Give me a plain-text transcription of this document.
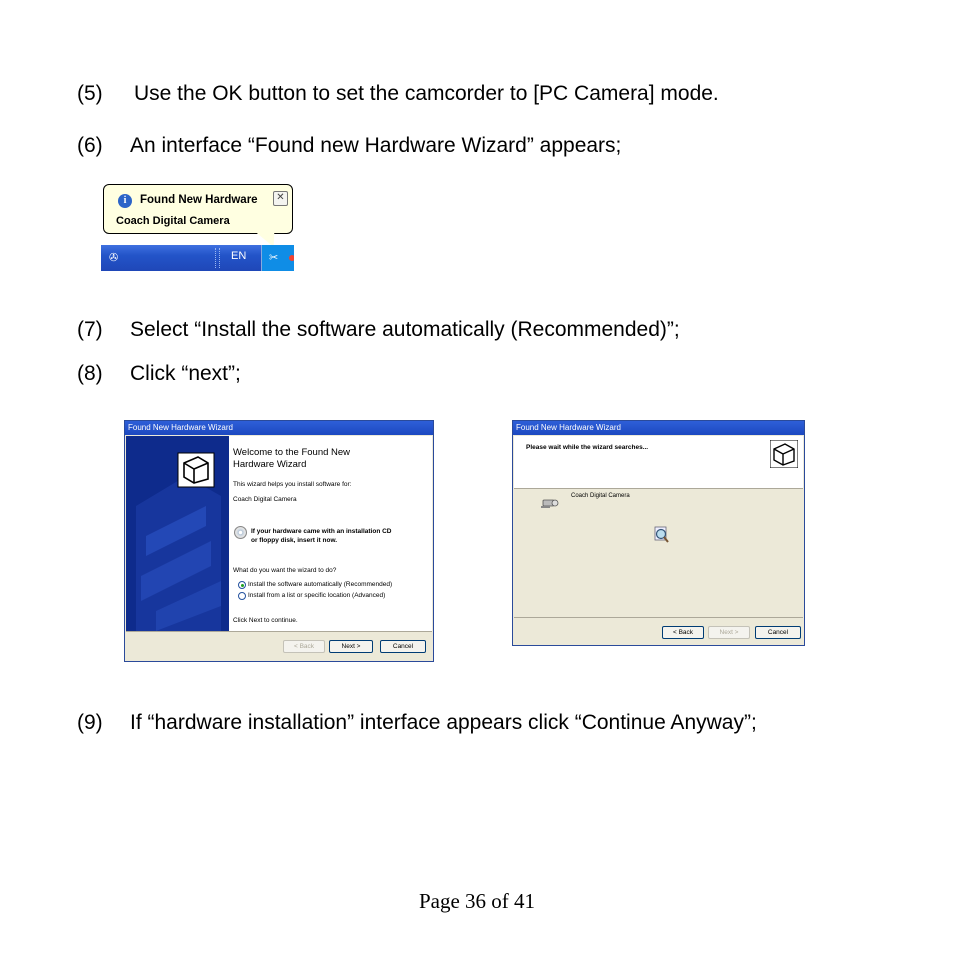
(5) Use the OK button to set the camcorder to [PC Camera] mode.
(6) An interface “Found new Hardware Wizard” appears;
i	Found New Hardware	✕
Coach Digital Camera
✇	EN ✂
(7) Select “Install the software automatically (Recommended)”;
(8) Click “next”;
Found New Hardware Wizard
Welcome to the Found New
Hardware Wizard
This wizard helps you install software for:
Coach Digital Camera
If your hardware came with an installation CD
or floppy disk, insert it now.
What do you want the wizard to do?
Install the software automatically (Recommended)
Install from a list or specific location (Advanced)
Click Next to continue.
< Back	Next >	Cancel
Found New Hardware Wizard
Please wait while the wizard searches...
Coach Digital Camera
< Back	Next >	Cancel
(9) If “hardware installation” interface appears click “Continue Anyway”;
Page 36 of 41
